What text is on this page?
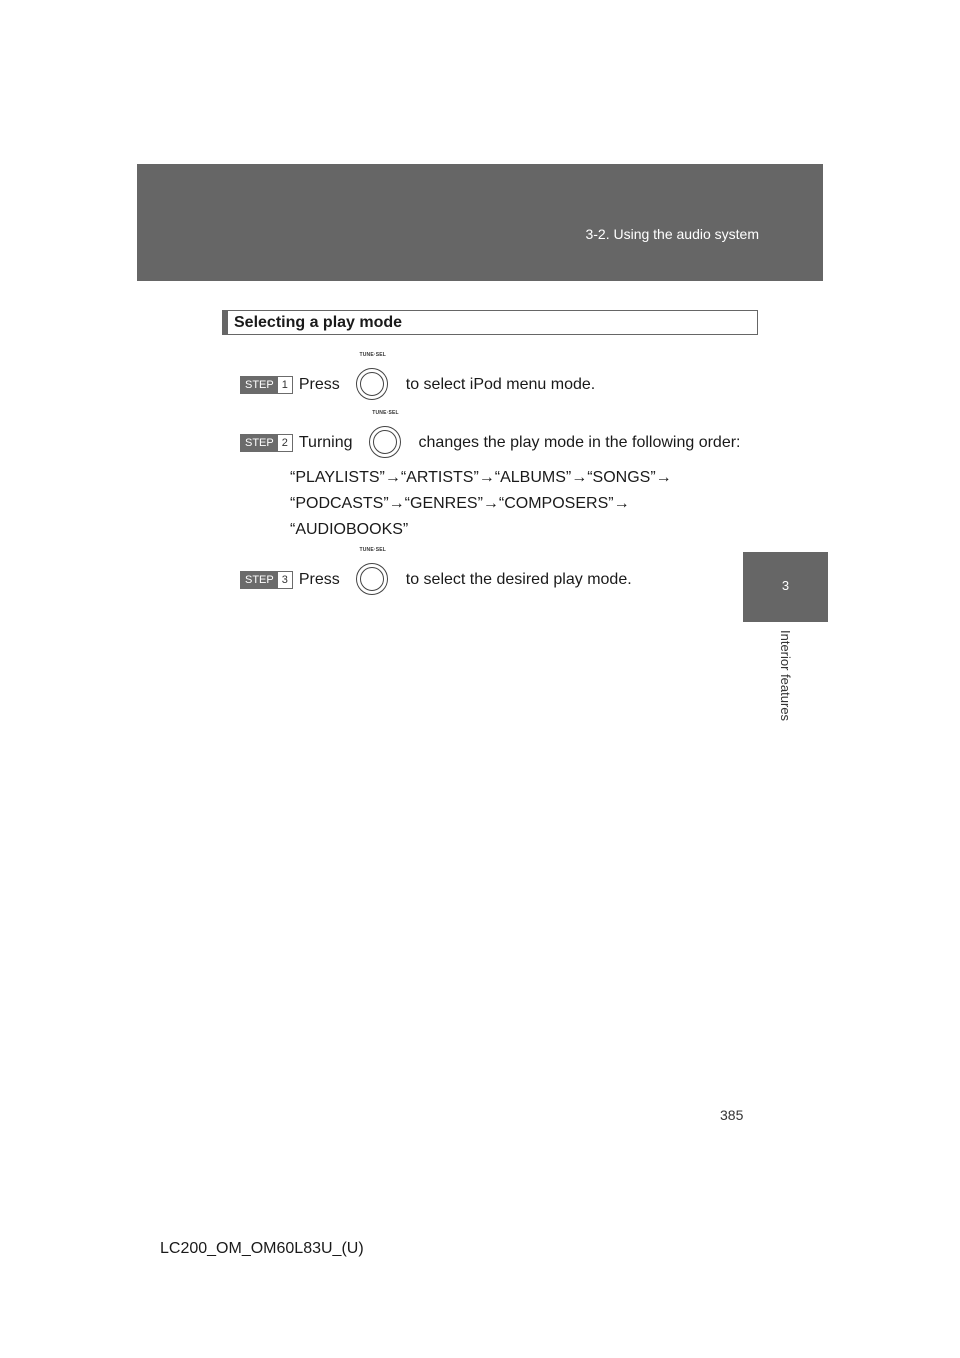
3-2. Using the audio system
3
Interior features
Selecting a play mode
STEP 1 Press
TUNE·SEL
to select iPod menu mode.
STEP 2 Turning
TUNE·SEL
changes the play mode in the following order:
“PLAYLISTS”→“ARTISTS”→“ALBUMS”→“SONGS”→
“PODCASTS”→“GENRES”→“COMPOSERS”→
“AUDIOBOOKS”
STEP 3 Press
TUNE·SEL
to select the desired play mode.
385
LC200_OM_OM60L83U_(U)
